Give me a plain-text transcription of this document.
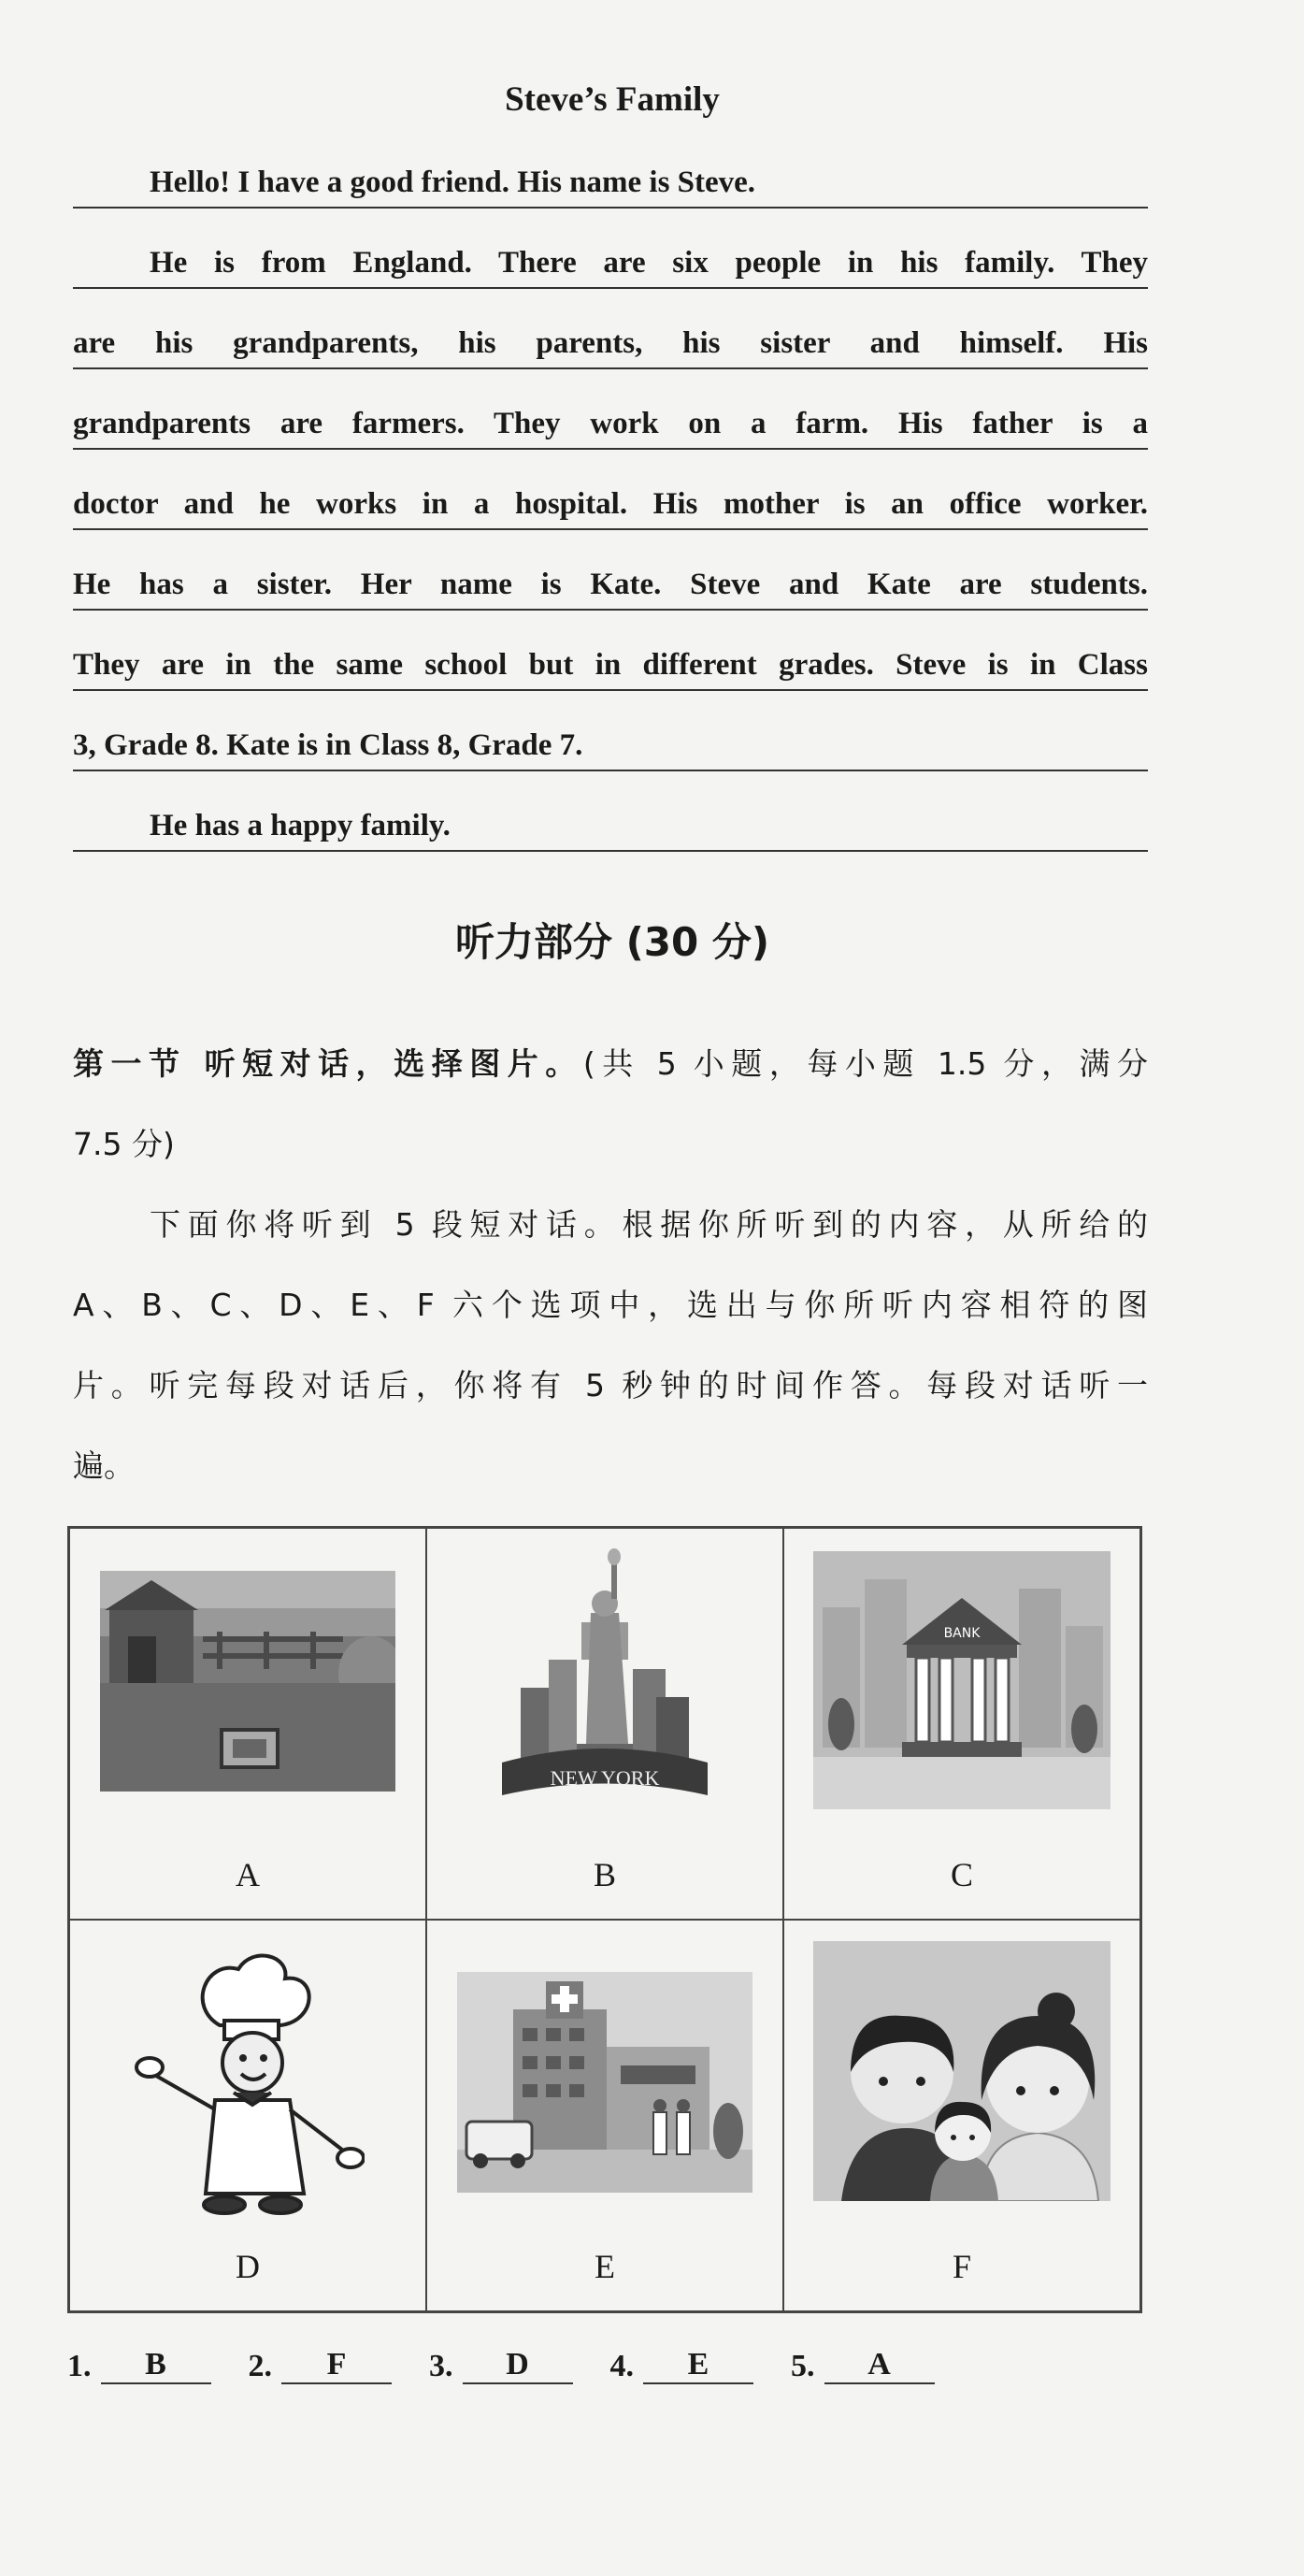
Steve’s Family
Hello! I have a good friend. His name is Steve.
He is from England. There are six people in his family. They
are his grandparents, his parents, his sister and himself. His
grandparents are farmers. They work on a farm. His father is a
doctor and he works in a hospital. His mother is an office worker.
He has a sister. Her name is Kate. Steve and Kate are students.
They are in the same school but in different grades. Steve is in Class
3, Grade 8. Kate is in Class 8, Grade 7.
He has a happy family.
听力部分 (30 分)
第一节 听短对话，选择图片。(共 5 小题，每小题 1.5 分，满分
7.5 分)
下面你将听到 5 段短对话。根据你所听到的内容，从所给的
A、B、C、D、E、F 六个选项中，选出与你所听内容相符的图
片。听完每段对话后，你将有 5 秒钟的时间作答。每段对话听一
遍。
A
NEW YORK
B
BANK
C
D	E	F
1.	B	2.	F	3.	D	4.	E	5.	A
